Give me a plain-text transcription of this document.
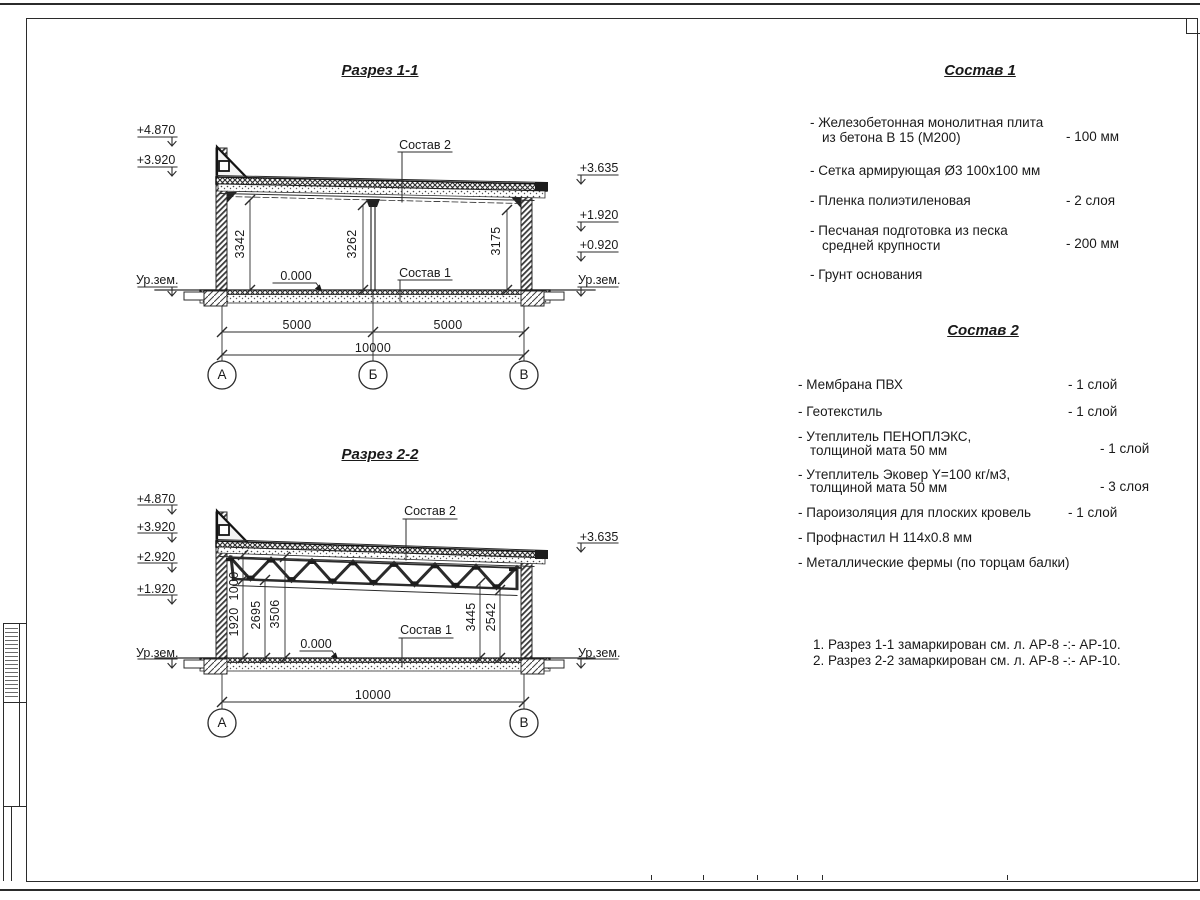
Разрез 1-1
+4.870
+3.920
Ур.зем.
+3.635
+1.920
+0.920
Ур.зем.
3342	3262	3175
0.000
Состав 2
Состав 1
5000	5000
10000
А	Б	В
Разрез 2-2
+4.870
+3.920
+2.920
+1.920
Ур.зем.
+3.635
Ур.зем.
1000
1920 2695 3506	3445 2542
0.000
Состав 2
Состав 1
10000
А	В
Состав 1
- Железобетонная монолитная плита
из бетона В 15 (М200)	- 100 мм
- Сетка армирующая Ø3 100х100 мм
- Пленка полиэтиленовая	- 2 слоя
- Песчаная подготовка из песка
средней крупности	- 200 мм
- Грунт основания
Состав 2
- Мембрана ПВХ	- 1 слой
- Геотекстиль	- 1 слой
- Утеплитель ПЕНОПЛЭКС,
толщиной мата 50 мм	- 1 слой
- Утеплитель Эковер Y=100 кг/м3,
толщиной мата 50 мм	- 3 слоя
- Пароизоляция для плоских кровель	- 1 слой
- Профнастил Н 114х0.8 мм
- Металлические фермы (по торцам балки)
1. Разрез 1-1 замаркирован см. л. АР-8 -:- АР-10.
2. Разрез 2-2 замаркирован см. л. АР-8 -:- АР-10.
